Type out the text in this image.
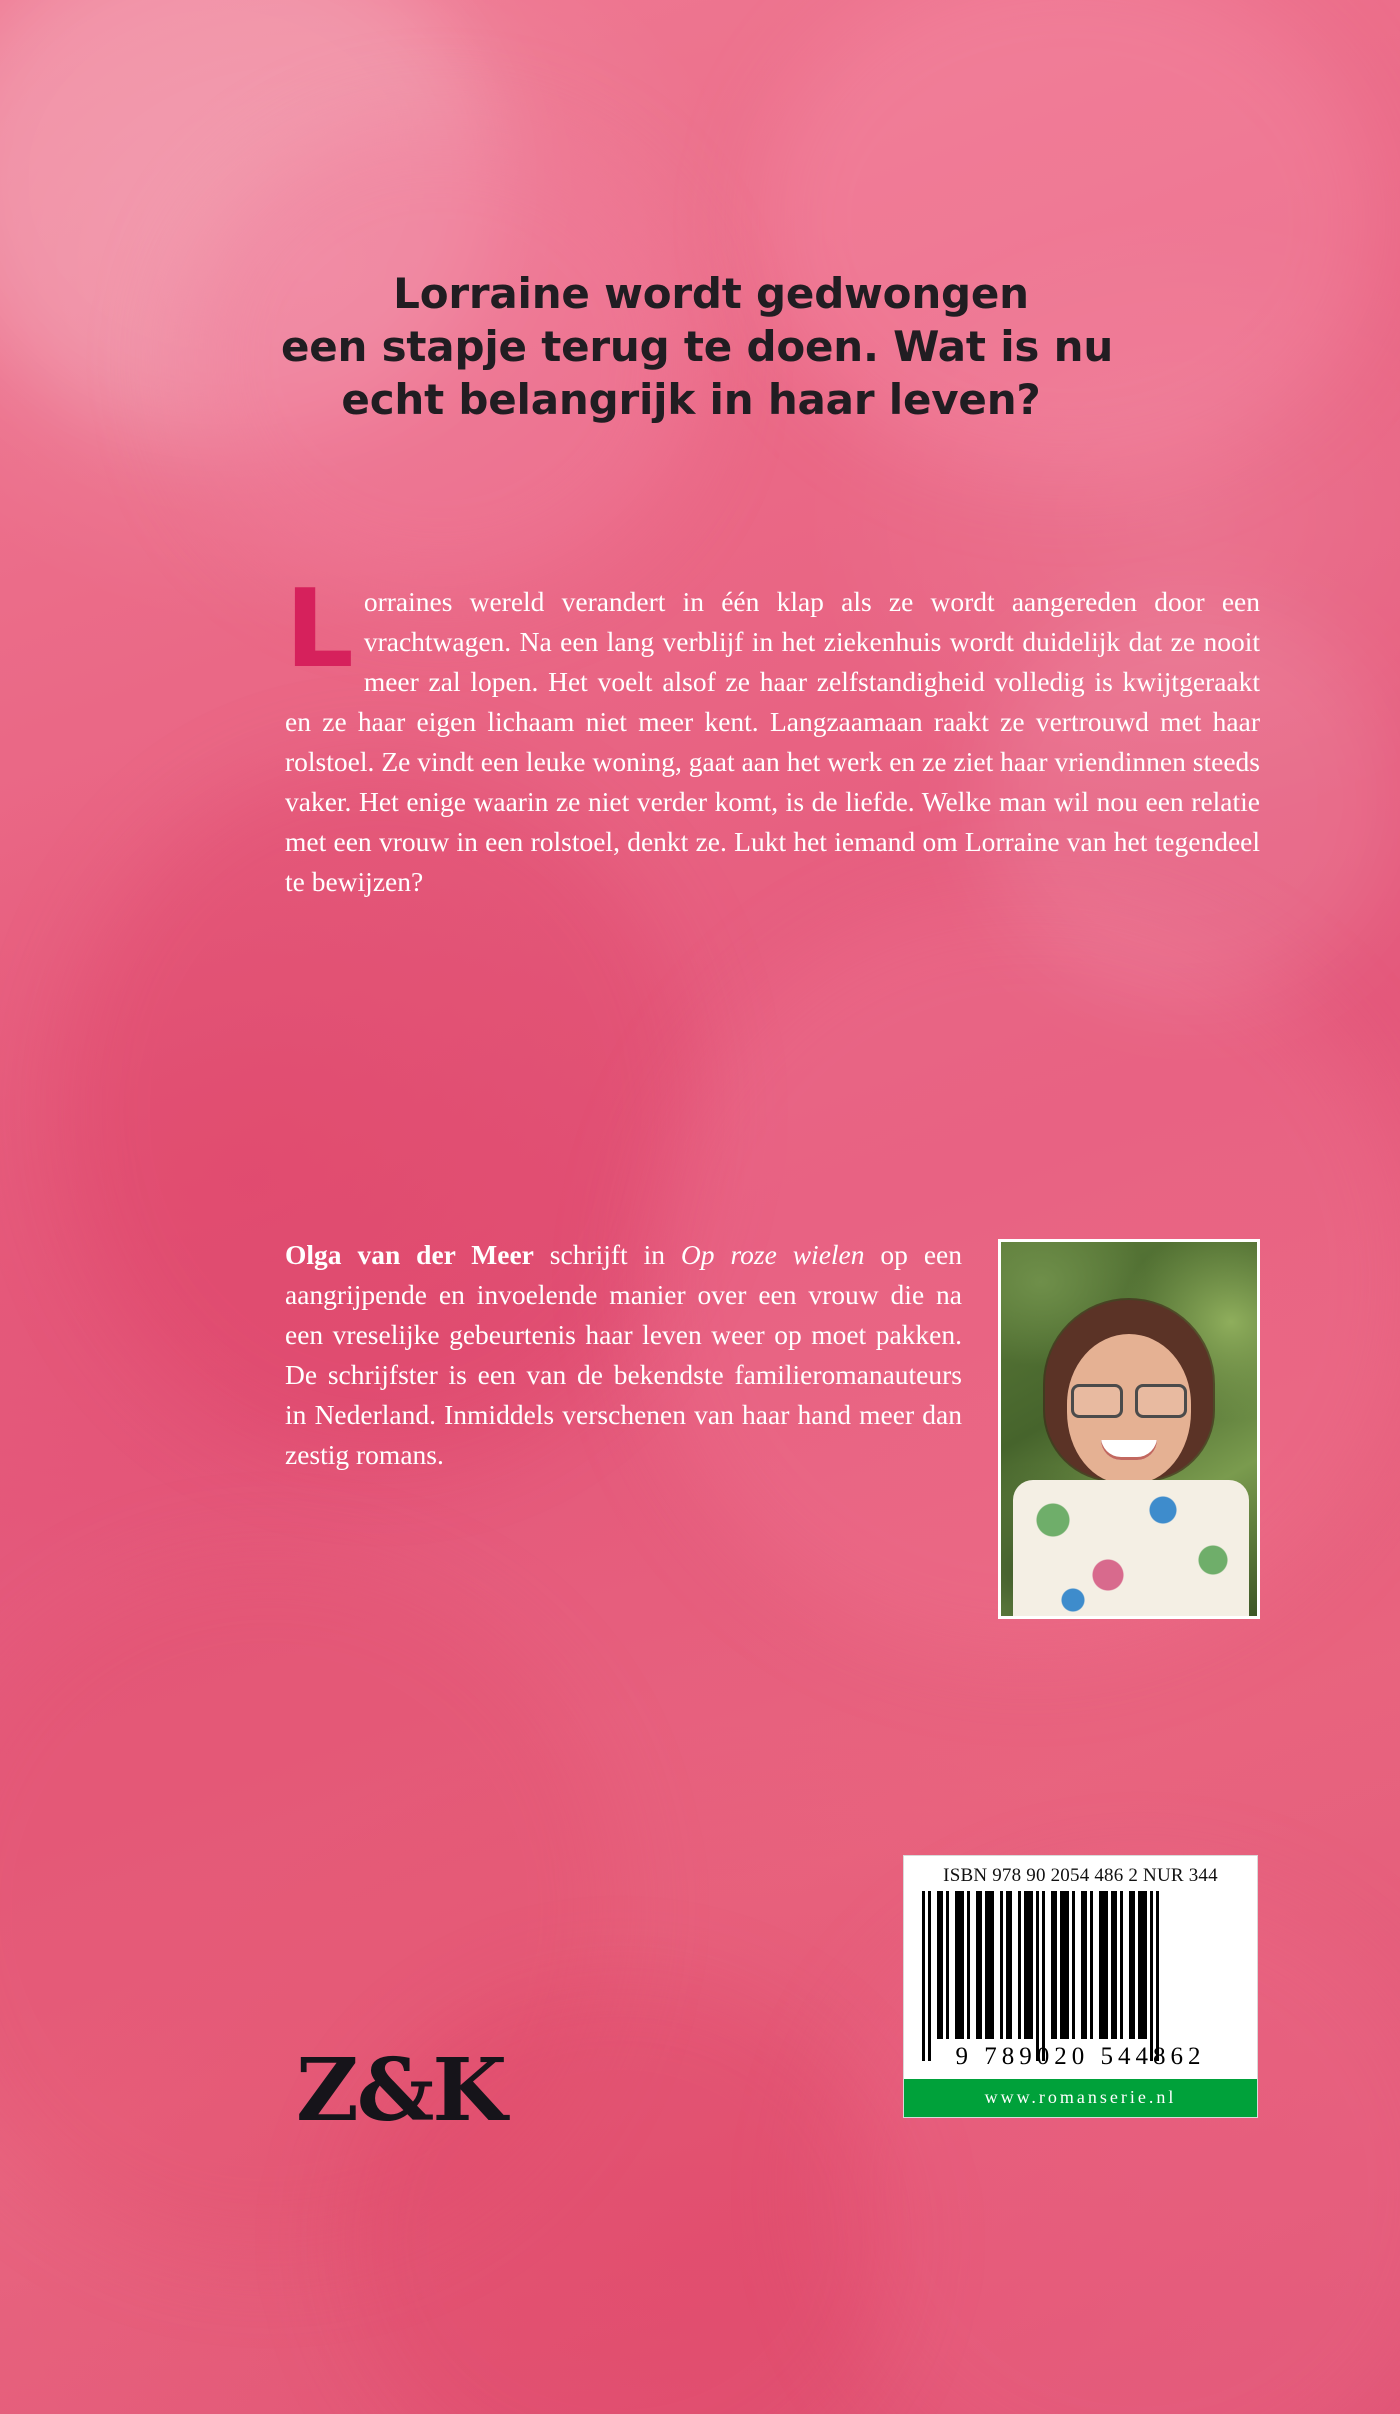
Lorraine wordt gedwongen
een stapje terug te doen. Wat is nu
echt belangrijk in haar leven?
L orraines wereld verandert in één klap als ze wordt aangereden door een vrachtwagen. Na een lang verblijf in het ziekenhuis wordt duidelijk dat ze nooit meer zal lopen. Het voelt alsof ze haar zelfstandigheid volledig is kwijtgeraakt en ze haar eigen lichaam niet meer kent. Langzaamaan raakt ze vertrouwd met haar rolstoel. Ze vindt een leuke woning, gaat aan het werk en ze ziet haar vriendinnen steeds vaker. Het enige waarin ze niet verder komt, is de liefde. Welke man wil nou een relatie met een vrouw in een rolstoel, denkt ze. Lukt het iemand om Lorraine van het tegendeel te bewijzen?
Olga van der Meer schrijft in Op roze wielen op een aangrijpende en invoelende manier over een vrouw die na een vreselijke gebeurtenis haar leven weer op moet pakken. De schrijfster is een van de bekendste familieromanauteurs in Nederland. Inmiddels verschenen van haar hand meer dan zestig romans.
ISBN 978 90 2054 486 2 NUR 344
9 789020 544862
www.romanserie.nl
Z&K
